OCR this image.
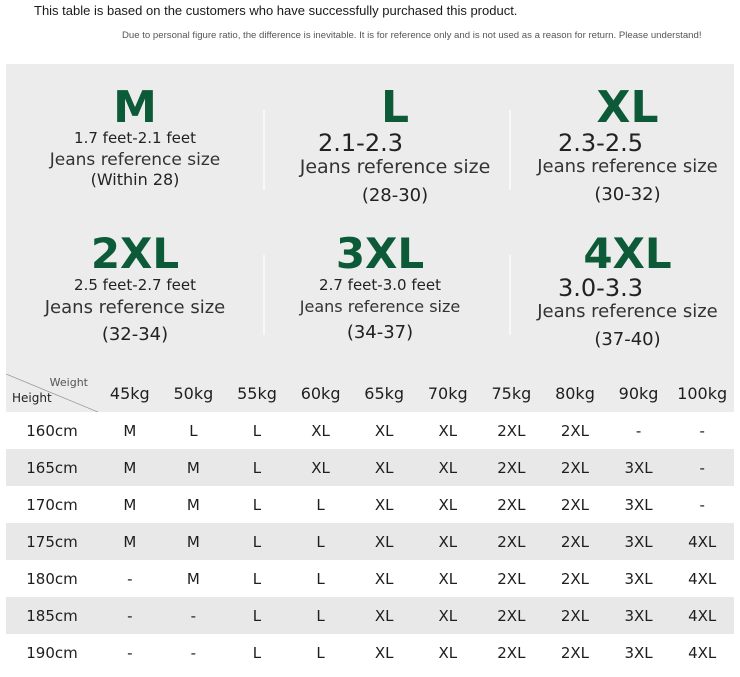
This table is based on the customers who have successfully purchased this product.
Due to personal figure ratio, the difference is inevitable. It is for reference only and is not used as a reason for return. Please understand!
M
1.7 feet-2.1 feet
Jeans reference size
(Within 28)
L
2.1-2.3
Jeans reference size
(28-30)
XL
2.3-2.5
Jeans reference size
(30-32)
2XL
2.5 feet-2.7 feet
Jeans reference size
(32-34)
3XL
2.7 feet-3.0 feet
Jeans reference size
(34-37)
4XL
3.0-3.3
Jeans reference size
(37-40)
Weight
Height	45kg	50kg	55kg	60kg	65kg	70kg	75kg	80kg	90kg	100kg
160cm	M	L	L	XL	XL	XL	2XL	2XL	-	-
165cm	M	M	L	XL	XL	XL	2XL	2XL	3XL	-
170cm	M	M	L	L	XL	XL	2XL	2XL	3XL	-
175cm	M	M	L	L	XL	XL	2XL	2XL	3XL	4XL
180cm	-	M	L	L	XL	XL	2XL	2XL	3XL	4XL
185cm	-	-	L	L	XL	XL	2XL	2XL	3XL	4XL
190cm	-	-	L	L	XL	XL	2XL	2XL	3XL	4XL
